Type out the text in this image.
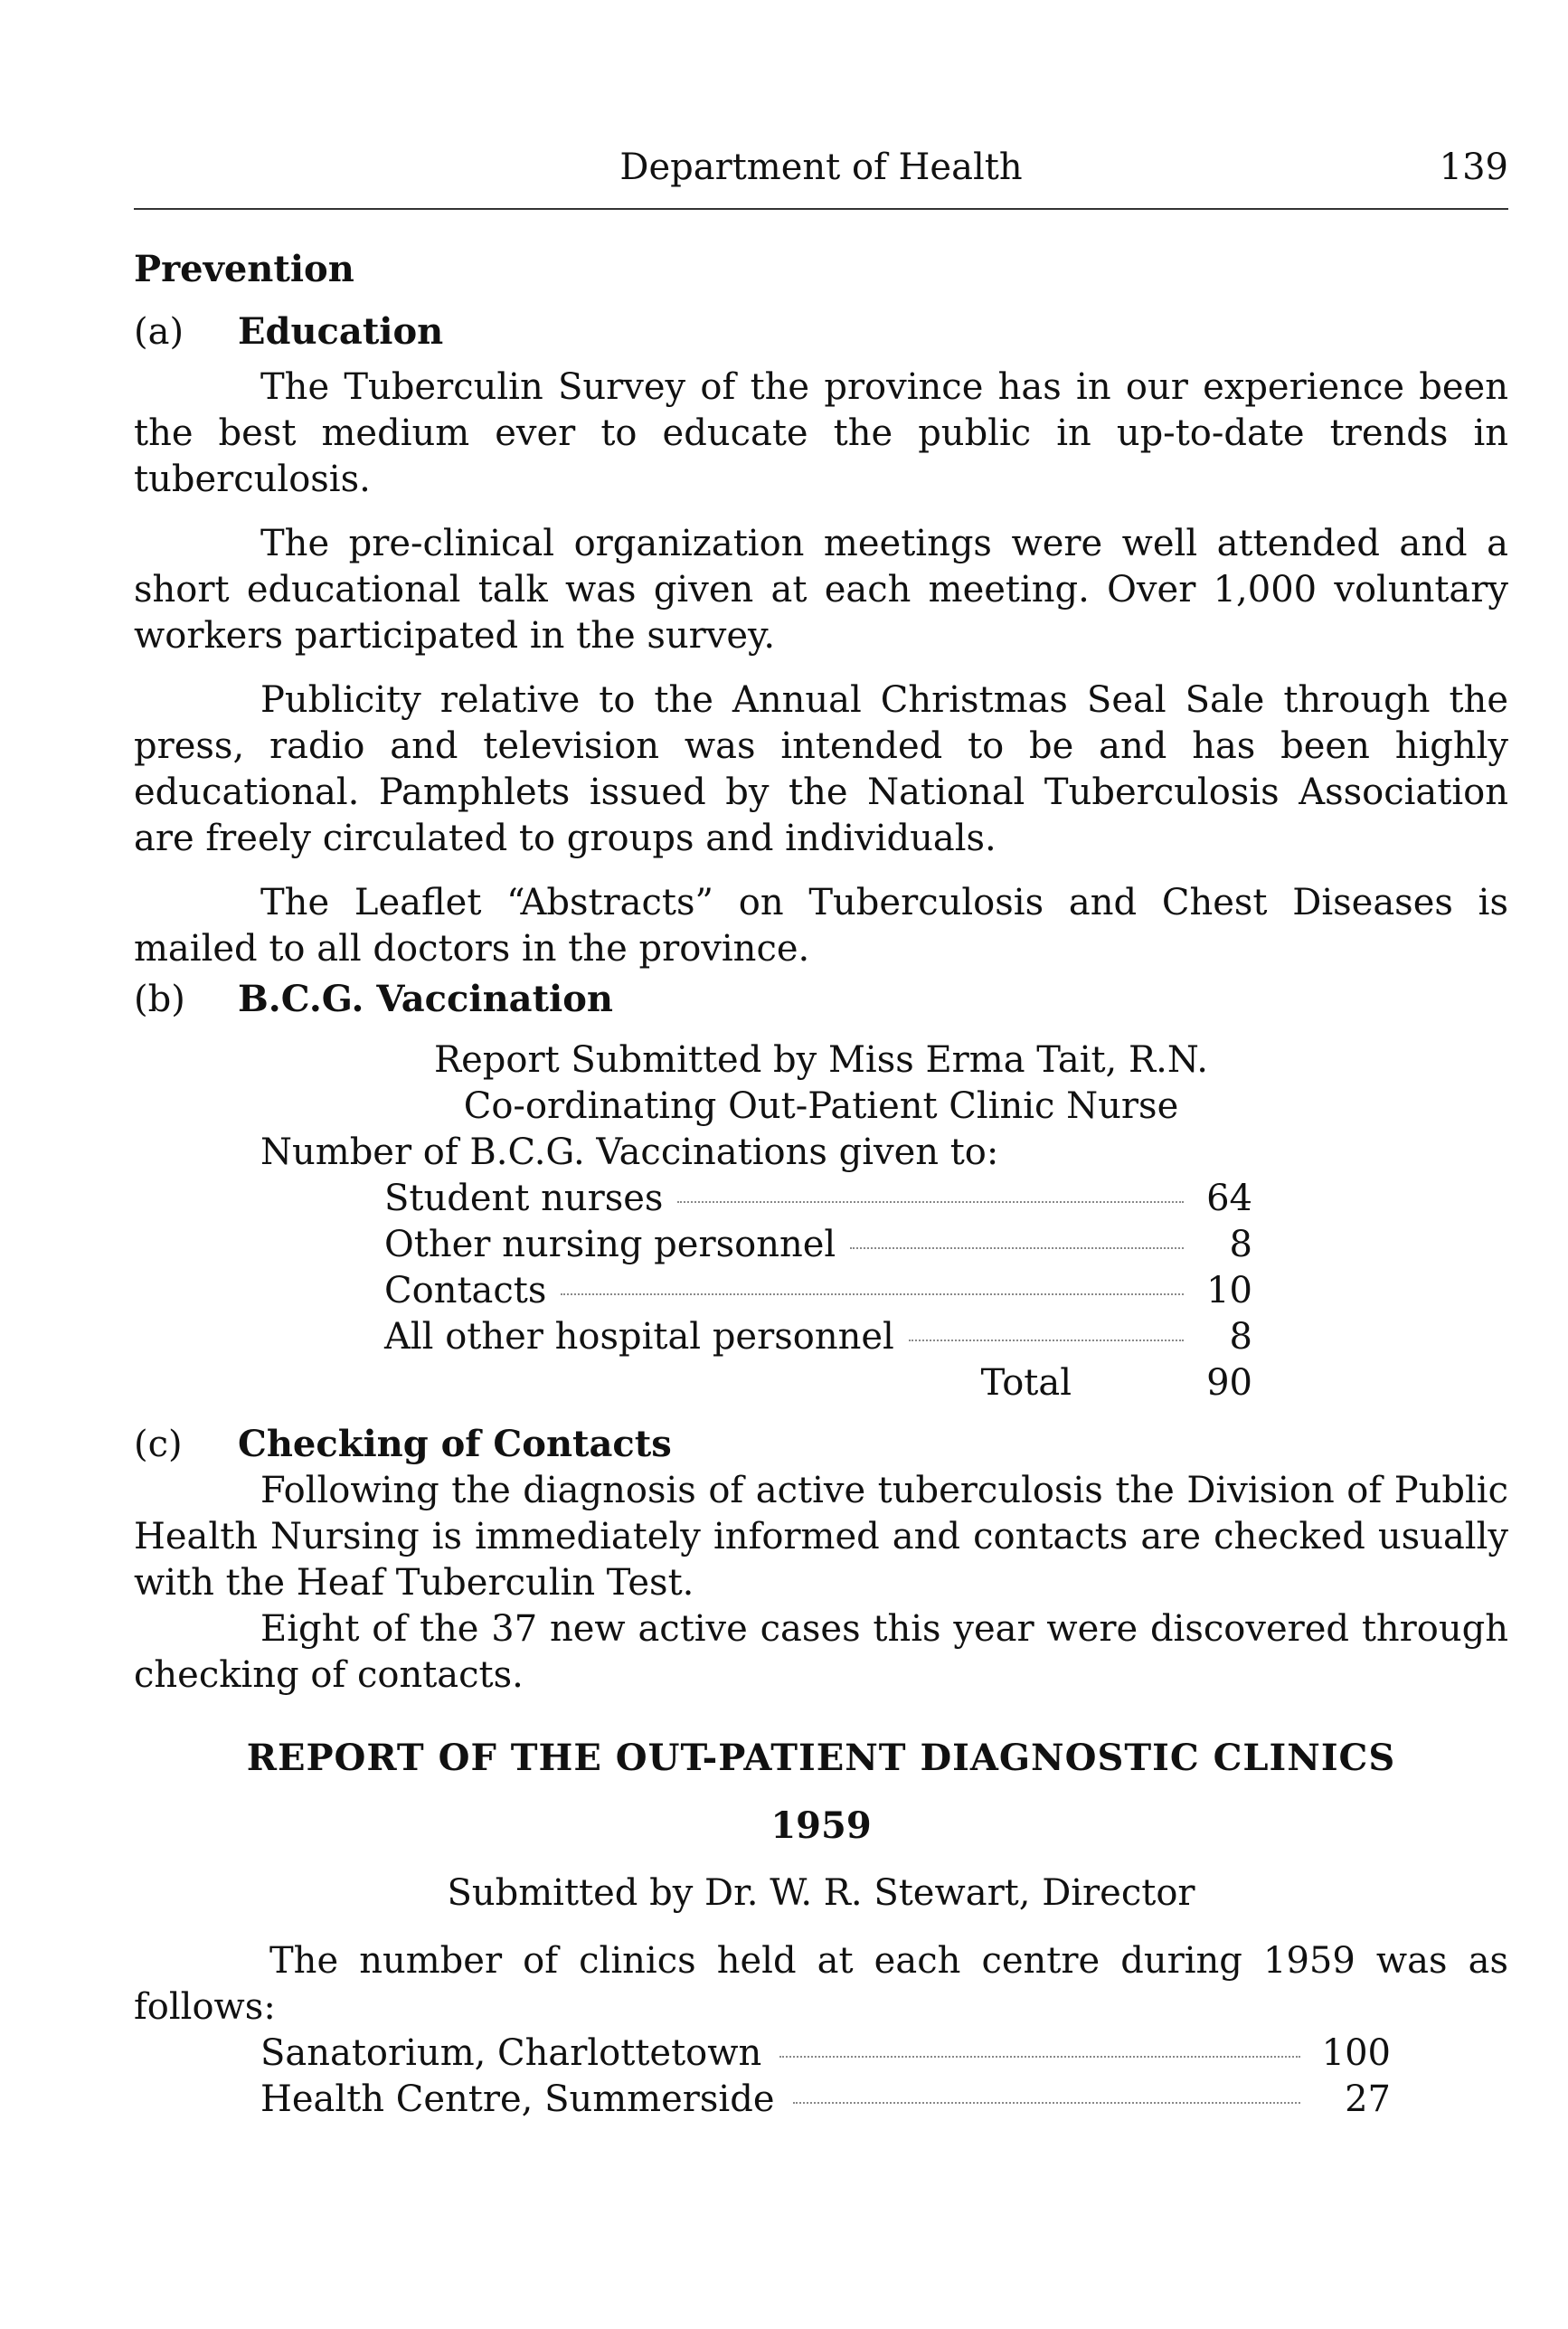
Department of Health	139
Prevention
(a)	Education

The Tuberculin Survey of the province has in our experience been the best medium ever to educate the public in up-to-date trends in tuberculosis.

The pre-clinical organization meetings were well attended and a short educational talk was given at each meeting. Over 1,000 voluntary workers participated in the survey.

Publicity relative to the Annual Christmas Seal Sale through the press, radio and television was intended to be and has been highly educational. Pamphlets issued by the National Tuberculosis Association are freely circulated to groups and individuals.

The Leaflet “Abstracts” on Tuberculosis and Chest Diseases is mailed to all doctors in the province.

(b)	B.C.G. Vaccination
Report Submitted by Miss Erma Tait, R.N.
Co-ordinating Out-Patient Clinic Nurse
Number of B.C.G. Vaccinations given to:
Student nurses	64
Other nursing personnel	8
Contacts	10
All other hospital personnel	8
Total	90
(c)	Checking of Contacts

Following the diagnosis of active tuberculosis the Division of Public Health Nursing is immediately informed and contacts are checked usually with the Heaf Tuberculin Test.

Eight of the 37 new active cases this year were discovered through checking of contacts.

REPORT OF THE OUT-PATIENT DIAGNOSTIC CLINICS
1959
Submitted by Dr. W. R. Stewart, Director

The number of clinics held at each centre during 1959 was as follows:

Sanatorium, Charlottetown	100
Health Centre, Summerside	27
